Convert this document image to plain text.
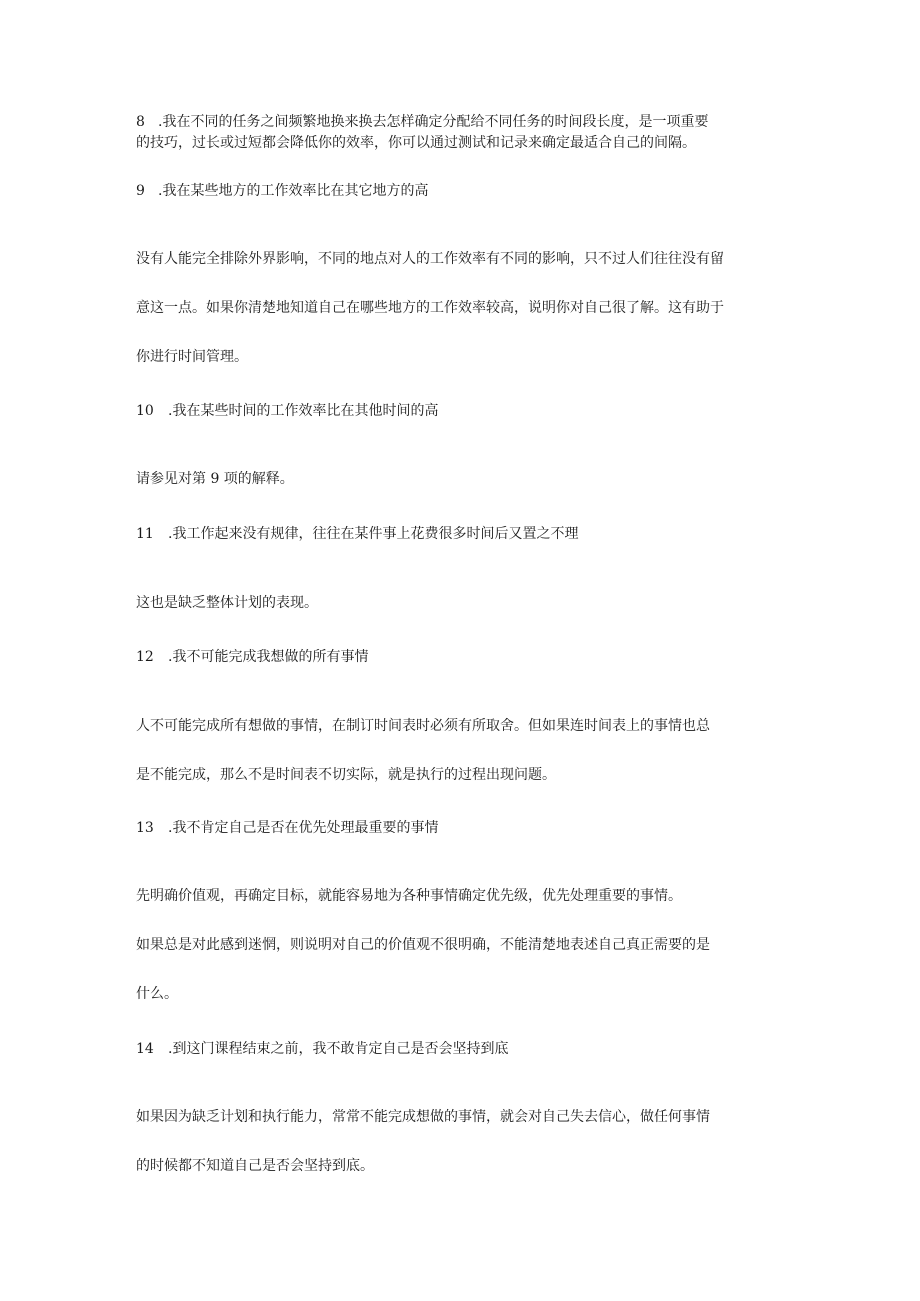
8 .我在不同的任务之间频繁地换来换去怎样确定分配给不同任务的时间段长度，是一项重要
的技巧，过长或过短都会降低你的效率，你可以通过测试和记录来确定最适合自己的间隔。
9 .我在某些地方的工作效率比在其它地方的高
没有人能完全排除外界影响，不同的地点对人的工作效率有不同的影响，只不过人们往往没有留
意这一点。如果你清楚地知道自己在哪些地方的工作效率较高，说明你对自己很了解。这有助于
你进行时间管理。
10 .我在某些时间的工作效率比在其他时间的高
请参见对第 9 项的解释。
11 .我工作起来没有规律，往往在某件事上花费很多时间后又置之不理
这也是缺乏整体计划的表现。
12 .我不可能完成我想做的所有事情
人不可能完成所有想做的事情，在制订时间表时必须有所取舍。但如果连时间表上的事情也总
是不能完成，那么不是时间表不切实际，就是执行的过程出现问题。
13 .我不肯定自己是否在优先处理最重要的事情
先明确价值观，再确定目标，就能容易地为各种事情确定优先级，优先处理重要的事情。
如果总是对此感到迷惘，则说明对自己的价值观不很明确，不能清楚地表述自己真正需要的是
什么。
14 .到这门课程结束之前，我不敢肯定自己是否会坚持到底
如果因为缺乏计划和执行能力，常常不能完成想做的事情，就会对自己失去信心，做任何事情
的时候都不知道自己是否会坚持到底。
